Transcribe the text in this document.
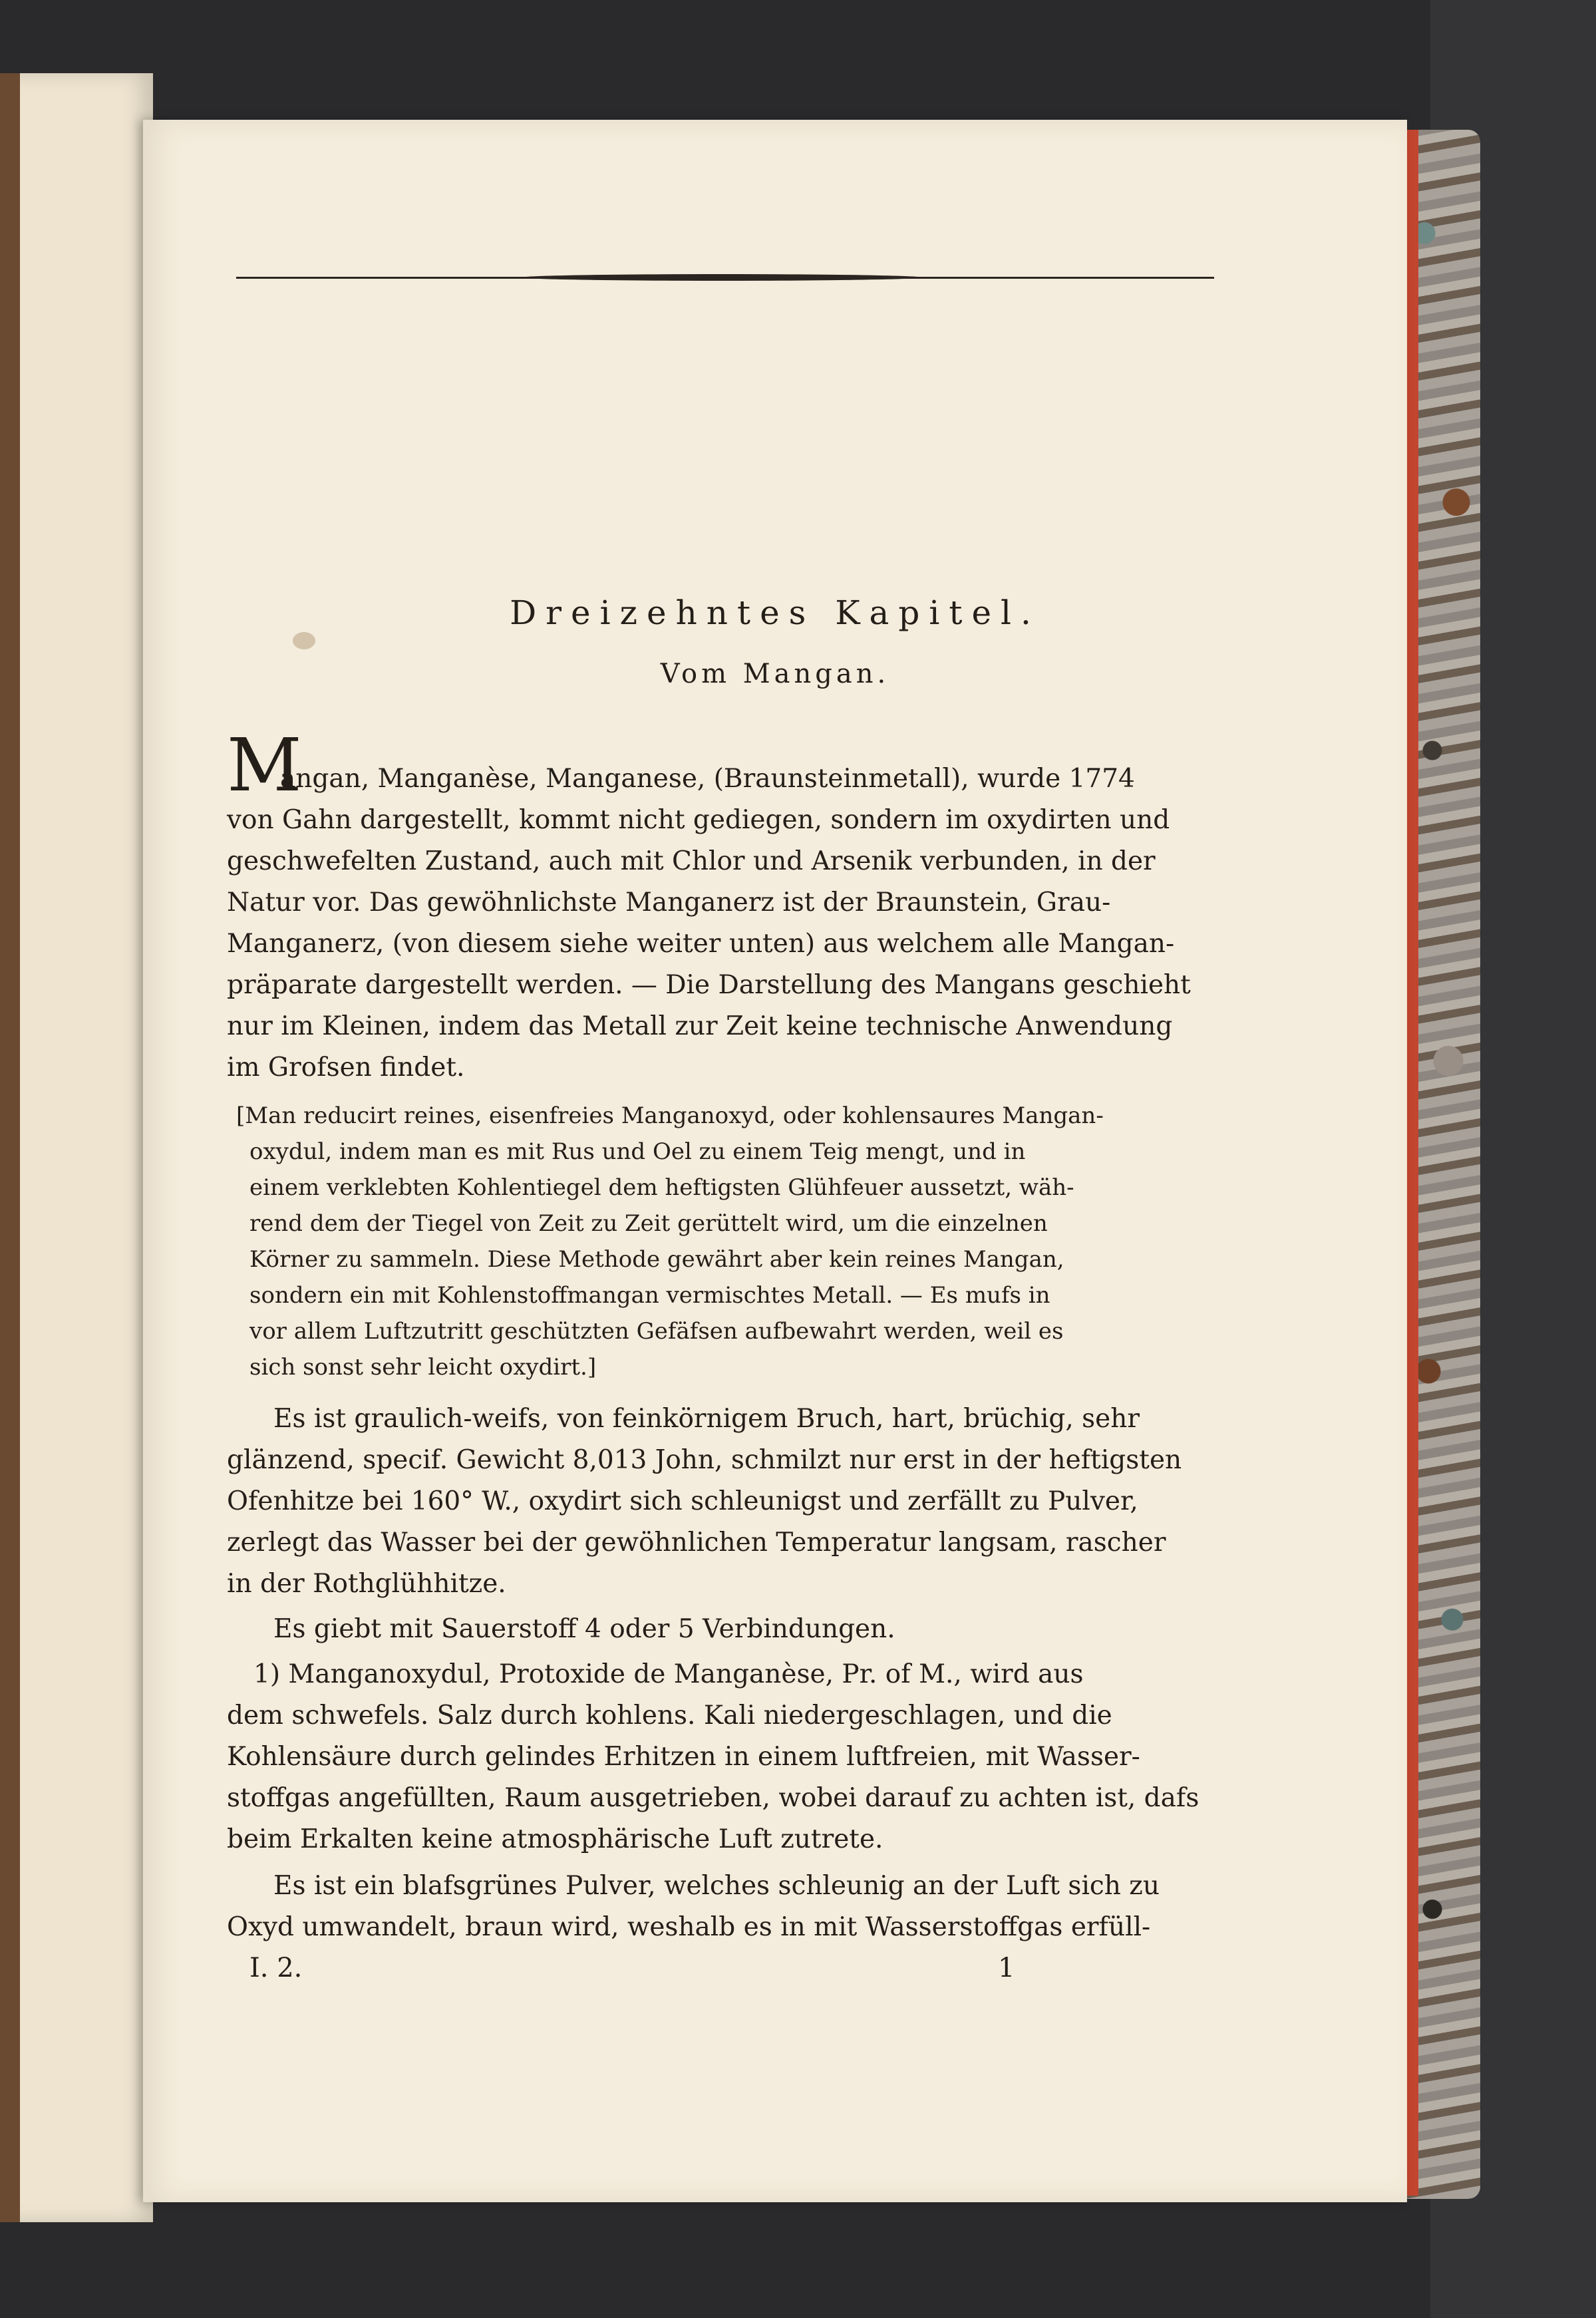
Dreizehntes Kapitel.
Vom Mangan.
M
angan, Manganèse, Manganese, (Braunsteinmetall), wurde 1774
von Gahn dargestellt, kommt nicht gediegen, sondern im oxydirten und
geschwefelten Zustand, auch mit Chlor und Arsenik verbunden, in der
Natur vor. Das gewöhnlichste Manganerz ist der Braunstein, Grau-
Manganerz, (von diesem siehe weiter unten) aus welchem alle Mangan-
präparate dargestellt werden. — Die Darstellung des Mangans geschieht
nur im Kleinen, indem das Metall zur Zeit keine technische Anwendung
im Grofsen findet.
[Man reducirt reines, eisenfreies Manganoxyd, oder kohlensaures Mangan-
oxydul, indem man es mit Rus und Oel zu einem Teig mengt, und in
einem verklebten Kohlentiegel dem heftigsten Glühfeuer aussetzt, wäh-
rend dem der Tiegel von Zeit zu Zeit gerüttelt wird, um die einzelnen
Körner zu sammeln. Diese Methode gewährt aber kein reines Mangan,
sondern ein mit Kohlenstoffmangan vermischtes Metall. — Es mufs in
vor allem Luftzutritt geschützten Gefäfsen aufbewahrt werden, weil es
sich sonst sehr leicht oxydirt.]
Es ist graulich-weifs, von feinkörnigem Bruch, hart, brüchig, sehr
glänzend, specif. Gewicht 8,013 John, schmilzt nur erst in der heftigsten
Ofenhitze bei 160° W., oxydirt sich schleunigst und zerfällt zu Pulver,
zerlegt das Wasser bei der gewöhnlichen Temperatur langsam, rascher
in der Rothglühhitze.
Es giebt mit Sauerstoff 4 oder 5 Verbindungen.
1) Manganoxydul, Protoxide de Manganèse, Pr. of M., wird aus
dem schwefels. Salz durch kohlens. Kali niedergeschlagen, und die
Kohlensäure durch gelindes Erhitzen in einem luftfreien, mit Wasser-
stoffgas angefüllten, Raum ausgetrieben, wobei darauf zu achten ist, dafs
beim Erkalten keine atmosphärische Luft zutrete.
Es ist ein blafsgrünes Pulver, welches schleunig an der Luft sich zu
Oxyd umwandelt, braun wird, weshalb es in mit Wasserstoffgas erfüll-
I. 2.	1
